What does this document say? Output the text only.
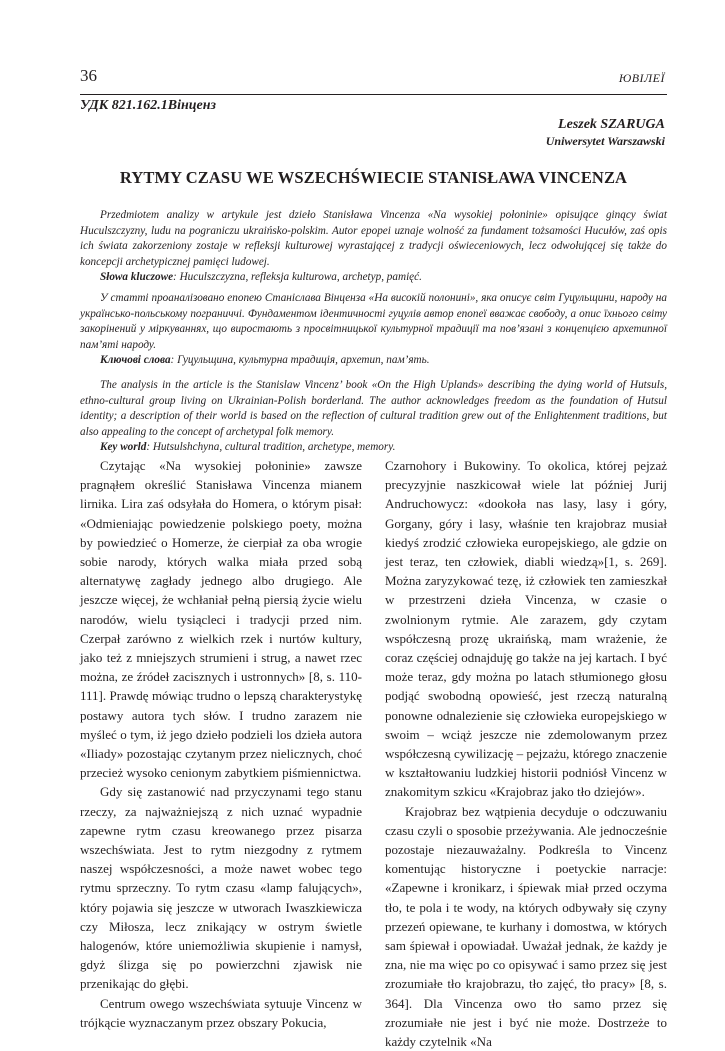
36	ЮВІЛЕЇ
УДК 821.162.1Вінценз
Leszek SZARUGA
Uniwersytet Warszawski
RYTMY CZASU WE WSZECHŚWIECIE STANISŁAWA VINCENZA

Przedmiotem analizy w artykule jest dzieło Stanisława Vincenza «Na wysokiej połoninie» opisujące ginący świat Huculszczyzny, ludu na pograniczu ukraińsko-polskim. Autor epopei uznaje wolność za fundament tożsamości Hucułów, zaś opis ich świata zakorzeniony zostaje w refleksji kulturowej wyrastającej z tradycji oświeceniowych, lecz odwołującej się także do koncepcji archetypicznej pamięci ludowej.

Słowa kluczowe: Huculszczyzna, refleksja kulturowa, archetyp, pamięć.

У статті проаналізовано епопею Станіслава Вінценза «На високій полонині», яка описує світ Гуцульщини, народу на українсько-польському пограниччі. Фундаментом ідентичності гуцулів автор епопеї вважає свободу, а опис їхнього світу закорінений у міркуваннях, що виростають з просвітницької культурної традиції та пов’язані з концепцією архетипної пам’яті народу.

Ключові слова: Гуцульщина, культурна традиція, архетип, пам’ять.

The analysis in the article is the Stanislaw Vincenz’ book «On the High Uplands» describing the dying world of Hutsuls, ethno-cultural group living on Ukrainian-Polish borderland. The author acknowledges freedom as the foundation of Hutsul identity; a description of their world is based on the reflection of cultural tradition grew out of the Enlightenment traditions, but also appealing to the concept of archetypal folk memory.

Key world: Hutsulshchyna, cultural tradition, archetype, memory.

Czytając «Na wysokiej połoninie» zawsze pragnąłem określić Stanisława Vincenza mianem lirnika. Lira zaś odsyłała do Homera, o którym pisał: «Odmieniając powiedzenie polskiego poety, można by powiedzieć o Homerze, że cierpiał za oba wrogie sobie narody, których walka miała przed sobą alternatywę zagłady jednego albo drugiego. Ale jeszcze więcej, że wchłaniał pełną piersią życie wielu narodów, wielu tysiącleci i tradycji przed nim. Czerpał zarówno z wielkich rzek i nurtów kultury, jako też z mniejszych strumieni i strug, a nawet rzec można, ze źródeł zacisznych i ustronnych» [8, s. 110-111]. Prawdę mówiąc trudno o lepszą charakterystykę postawy autora tych słów. I trudno zarazem nie myśleć o tym, iż jego dzieło podzieli los dzieła autora «Iliady» pozostając czytanym przez nielicznych, choć przecież wysoko cenionym zabytkiem piśmiennictwa.

Gdy się zastanowić nad przyczynami tego stanu rzeczy, za najważniejszą z nich uznać wypadnie zapewne rytm czasu kreowanego przez pisarza wszechświata. Jest to rytm niezgodny z rytmem naszej współczesności, a może nawet wobec tego rytmu sprzeczny. To rytm czasu «lamp falujących», który pojawia się jeszcze w utworach Iwaszkiewicza czy Miłosza, lecz znikający w ostrym świetle halogenów, które uniemożliwia skupienie i namysł, gdyż ślizga się po powierzchni zjawisk nie przenikając do głębi.

Centrum owego wszechświata sytuuje Vincenz w trójkącie wyznaczanym przez obszary Pokucia,

Czarnohory i Bukowiny. To okolica, której pejzaż precyzyjnie naszkicował wiele lat później Jurij Andruchowycz: «dookoła nas lasy, lasy i góry, Gorgany, góry i lasy, właśnie ten krajobraz musiał kiedyś zrodzić człowieka europejskiego, ale gdzie on jest teraz, ten człowiek, diabli wiedzą»[1, s. 269]. Można zaryzykować tezę, iż człowiek ten zamieszkał w przestrzeni dzieła Vincenza, w czasie o zwolnionym rytmie. Ale zarazem, gdy czytam współczesną prozę ukraińską, mam wrażenie, że coraz częściej odnajduję go także na jej kartach. I być może teraz, gdy można po latach stłumionego głosu podjąć swobodną opowieść, jest rzeczą naturalną ponowne odnalezienie się człowieka europejskiego w swoim – wciąż jeszcze nie zdemolowanym przez współczesną cywilizację – pejzażu, którego znaczenie w kształtowaniu ludzkiej historii podniósł Vincenz w znakomitym szkicu «Krajobraz jako tło dziejów».

Krajobraz bez wątpienia decyduje o odczuwaniu czasu czyli o sposobie przeżywania. Ale jednocześnie pozostaje niezauważalny. Podkreśla to Vincenz komentując historyczne i poetyckie narracje: «Zapewne i kronikarz, i śpiewak miał przed oczyma tło, te pola i te wody, na których odbywały się czyny przezeń opiewane, te kurhany i domostwa, w których sam śpiewał i opowiadał. Uważał jednak, że każdy je zna, nie ma więc po co opisywać i samo przez się jest zrozumiałe tło krajobrazu, tło zajęć, tło pracy» [8, s. 364]. Dla Vincenza owo tło samo przez się zrozumiałe nie jest i być nie może. Dostrzeże to każdy czytelnik «Na
